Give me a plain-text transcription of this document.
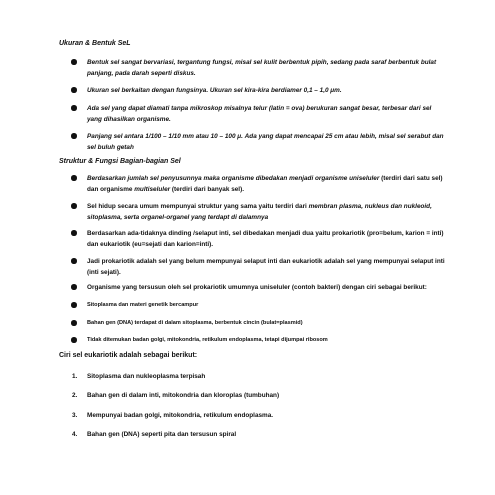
Ukuran & Bentuk SeL
Bentuk sel sangat bervariasi, tergantung fungsi, misal sel kulit berbentuk pipih, sedang pada saraf berbentuk bulat panjang, pada darah seperti diskus.
Ukuran sel berkaitan dengan fungsinya. Ukuran sel kira-kira berdiamer 0,1 – 1,0 μm.
Ada sel yang dapat diamati tanpa mikroskop misalnya telur (latin = ova) berukuran sangat besar, terbesar dari sel yang dihasilkan organisme.
Panjang sel antara 1/100 – 1/10 mm atau 10 – 100 μ. Ada yang dapat mencapai 25 cm atau lebih, misal sel serabut dan sel buluh getah
Struktur & Fungsi Bagian-bagian Sel
Berdasarkan jumlah sel penyusunnya maka organisme dibedakan menjadi organisme uniseluler (terdiri dari satu sel) dan organisme multiseluler (terdiri dari banyak sel).
Sel hidup secara umum mempunyai struktur yang sama yaitu terdiri dari membran plasma, nukleus dan nukleoid, sitoplasma, serta organel-organel yang terdapt di dalamnya
Berdasarkan ada-tidaknya dinding /selaput inti, sel dibedakan menjadi dua yaitu prokariotik (pro=belum, karion = inti) dan eukariotik (eu=sejati dan karion=inti).
Jadi prokariotik adalah sel yang belum mempunyai selaput inti dan eukariotik adalah sel yang mempunyai selaput inti (inti sejati).
Organisme yang tersusun oleh sel prokariotik umumnya uniseluler (contoh bakteri) dengan ciri sebagai berikut:
Sitoplasma dan materi genetik bercampur
Bahan gen (DNA) terdapat di dalam sitoplasma, berbentuk cincin (bulat=plasmid)
Tidak ditemukan badan golgi, mitokondria, retikulum endoplasma, tetapi dijumpai ribosom
Ciri sel eukariotik adalah sebagai berikut:
1. Sitoplasma dan nukleoplasma terpisah
2. Bahan gen di dalam inti, mitokondria dan kloroplas (tumbuhan)
3. Mempunyai badan golgi, mitokondria, retikulum endoplasma.
4. Bahan gen (DNA) seperti pita dan tersusun spiral
